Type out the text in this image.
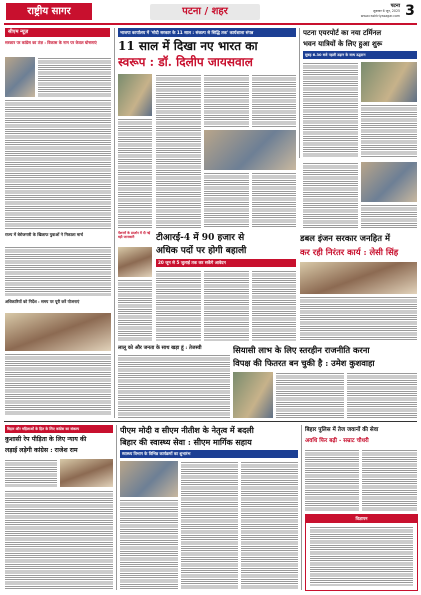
राष्ट्रीय सागर	पटना / शहर	पटना
शुक्रवार 6 जून, 2025
www.rashtriyasagar.com 3
सीएम न्यूज़
सरकार पर कांग्रेस का तंज़ : विकास के नाम पर केवल घोषणाएं
राज्य में बेरोजगारी के खिलाफ युवाओं ने निकाला मार्च
अधिकारियों को निर्देश : समय पर पूरी करें योजनाएं
भाजपा कार्यालय में 'मोदी सरकार के 11 साल : संकल्प से सिद्धि तक' कार्यशाला संपन्न
11 साल में दिखा नए भारत का
स्वरूप : डॉ. दिलीप जायसवाल
पेंशनरों के प्रदर्शन में दी गई बड़ी जानकारी	टीआरई-4 में 90 हजार से
अधिक पदों पर होगी बहाली
20 जून से 5 जुलाई तक कर सकेंगे आवेदन
लालू को और जनता के साथ खड़ा हूं : तेजस्वी
पटना एयरपोर्ट का नया टर्मिनल
भवन यात्रियों के लिए हुआ शुरू
सुबह 6.30 बजे पहली उड़ान के साथ उद्घाटन
डबल इंजन सरकार जनहित में
कर रही निरंतर कार्य : लेसी सिंह
सियासी लाभ के लिए स्तरहीन राजनीति करना
विपक्ष की फितरत बन चुकी है : उमेश कुशवाहा
बिहार और महिलाओं के हित के लिए कांग्रेस का संकल्प
कुशासी रेप पीड़िता के लिए न्याय की
लड़ाई लड़ेगी कांग्रेस : राजेश राम
पीएम मोदी व सीएम नीतीश के नेतृत्व में बदली
बिहार की स्वास्थ्य सेवा : सीएम मार्गिक सहाय
स्वास्थ्य विभाग के विभिन्न कार्यक्रमों का शुभारंभ
बिहार पुलिस में तेज जवानों की सेवा
अवधि फिर बढ़ी - सम्राट चौधरी
विज्ञापन
